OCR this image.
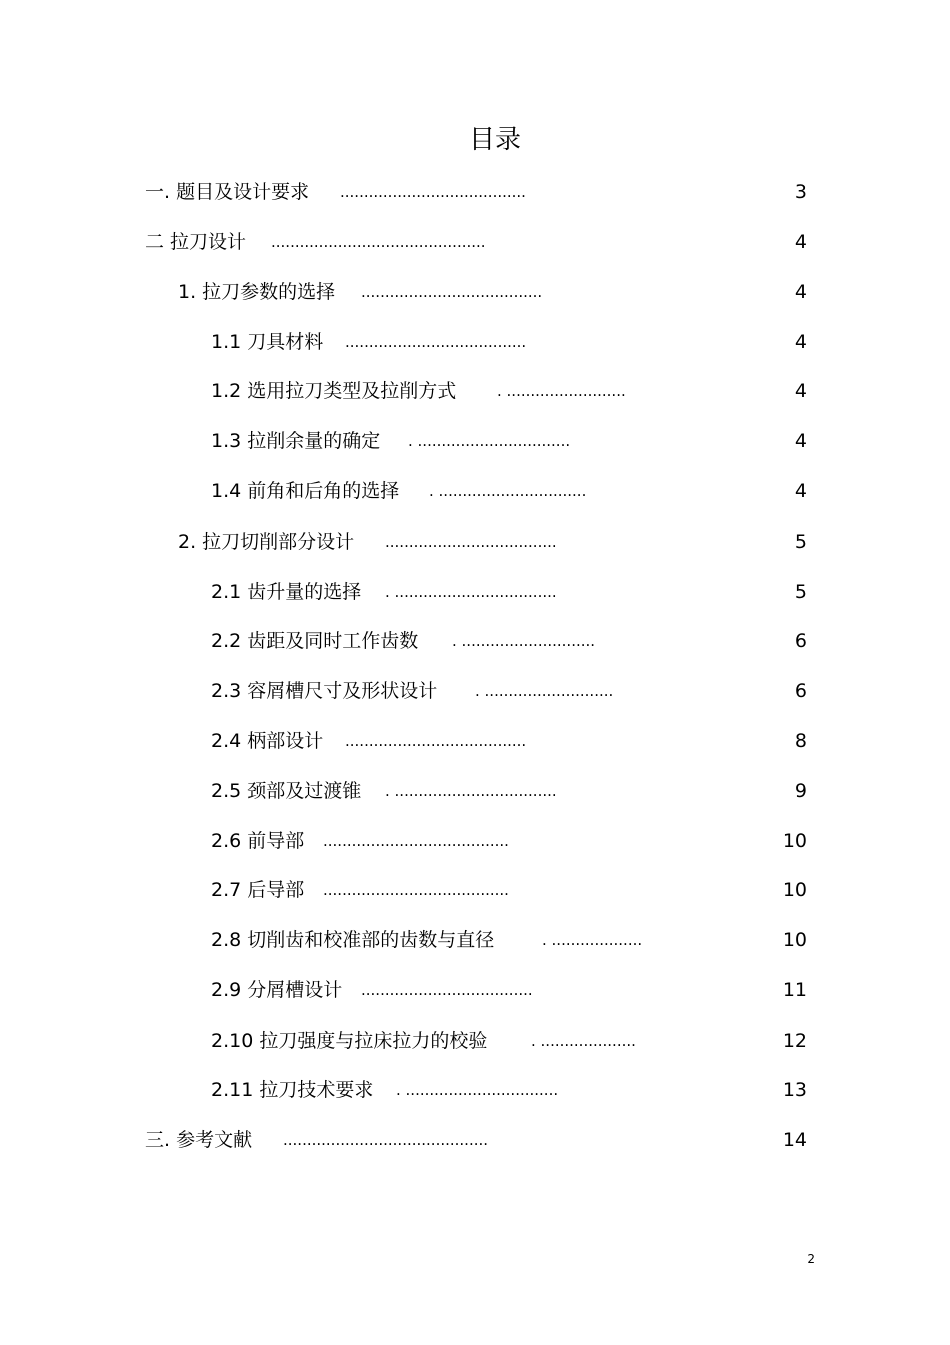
目录
一. 题目及设计要求 .......................................	3
二 拉刀设计 .............................................	4
1. 拉刀参数的选择 ......................................	4
1.1 刀具材料 ......................................	4
1.2 选用拉刀类型及拉削方式	. .........................	4
1.3 拉削余量的确定 . ................................	4
1.4 前角和后角的选择 . ...............................	4
2. 拉刀切削部分设计 ....................................	5
2.1 齿升量的选择 . ..................................	5
2.2 齿距及同时工作齿数 . ............................	6
2.3 容屑槽尺寸及形状设计	. ...........................	6
2.4 柄部设计 ......................................	8
2.5 颈部及过渡锥 . ..................................	9
2.6 前导部 .......................................	10
2.7 后导部 .......................................	10
2.8 切削齿和校准部的齿数与直径	. ...................	10
2.9 分屑槽设计 ....................................	11
2.10 拉刀强度与拉床拉力的校验	. ....................	12
2.11 拉刀技术要求 . ................................	13
三. 参考文献 ...........................................	14
2
